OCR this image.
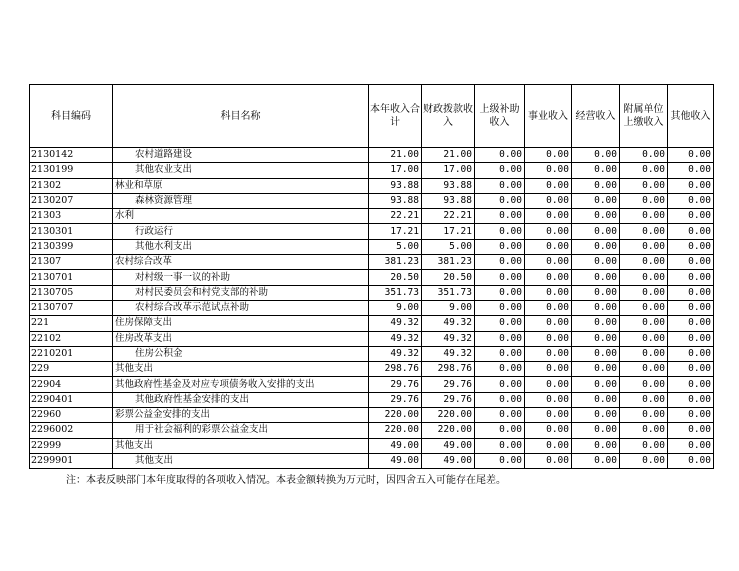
科目编码	科目名称	本年收入合计	财政拨款收入	上级补助收入	事业收入	经营收入	附属单位上缴收入	其他收入
2130142	农村道路建设	21.00	21.00	0.00	0.00	0.00	0.00	0.00
2130199	其他农业支出	17.00	17.00	0.00	0.00	0.00	0.00	0.00
21302	林业和草原	93.88	93.88	0.00	0.00	0.00	0.00	0.00
2130207	森林资源管理	93.88	93.88	0.00	0.00	0.00	0.00	0.00
21303	水利	22.21	22.21	0.00	0.00	0.00	0.00	0.00
2130301	行政运行	17.21	17.21	0.00	0.00	0.00	0.00	0.00
2130399	其他水利支出	5.00	5.00	0.00	0.00	0.00	0.00	0.00
21307	农村综合改革	381.23	381.23	0.00	0.00	0.00	0.00	0.00
2130701	对村级一事一议的补助	20.50	20.50	0.00	0.00	0.00	0.00	0.00
2130705	对村民委员会和村党支部的补助	351.73	351.73	0.00	0.00	0.00	0.00	0.00
2130707	农村综合改革示范试点补助	9.00	9.00	0.00	0.00	0.00	0.00	0.00
221	住房保障支出	49.32	49.32	0.00	0.00	0.00	0.00	0.00
22102	住房改革支出	49.32	49.32	0.00	0.00	0.00	0.00	0.00
2210201	住房公积金	49.32	49.32	0.00	0.00	0.00	0.00	0.00
229	其他支出	298.76	298.76	0.00	0.00	0.00	0.00	0.00
22904	其他政府性基金及对应专项债务收入安排的支出	29.76	29.76	0.00	0.00	0.00	0.00	0.00
2290401	其他政府性基金安排的支出	29.76	29.76	0.00	0.00	0.00	0.00	0.00
22960	彩票公益金安排的支出	220.00	220.00	0.00	0.00	0.00	0.00	0.00
2296002	用于社会福利的彩票公益金支出	220.00	220.00	0.00	0.00	0.00	0.00	0.00
22999	其他支出	49.00	49.00	0.00	0.00	0.00	0.00	0.00
2299901	其他支出	49.00	49.00	0.00	0.00	0.00	0.00	0.00
注：本表反映部门本年度取得的各项收入情况。本表金额转换为万元时，因四舍五入可能存在尾差。
